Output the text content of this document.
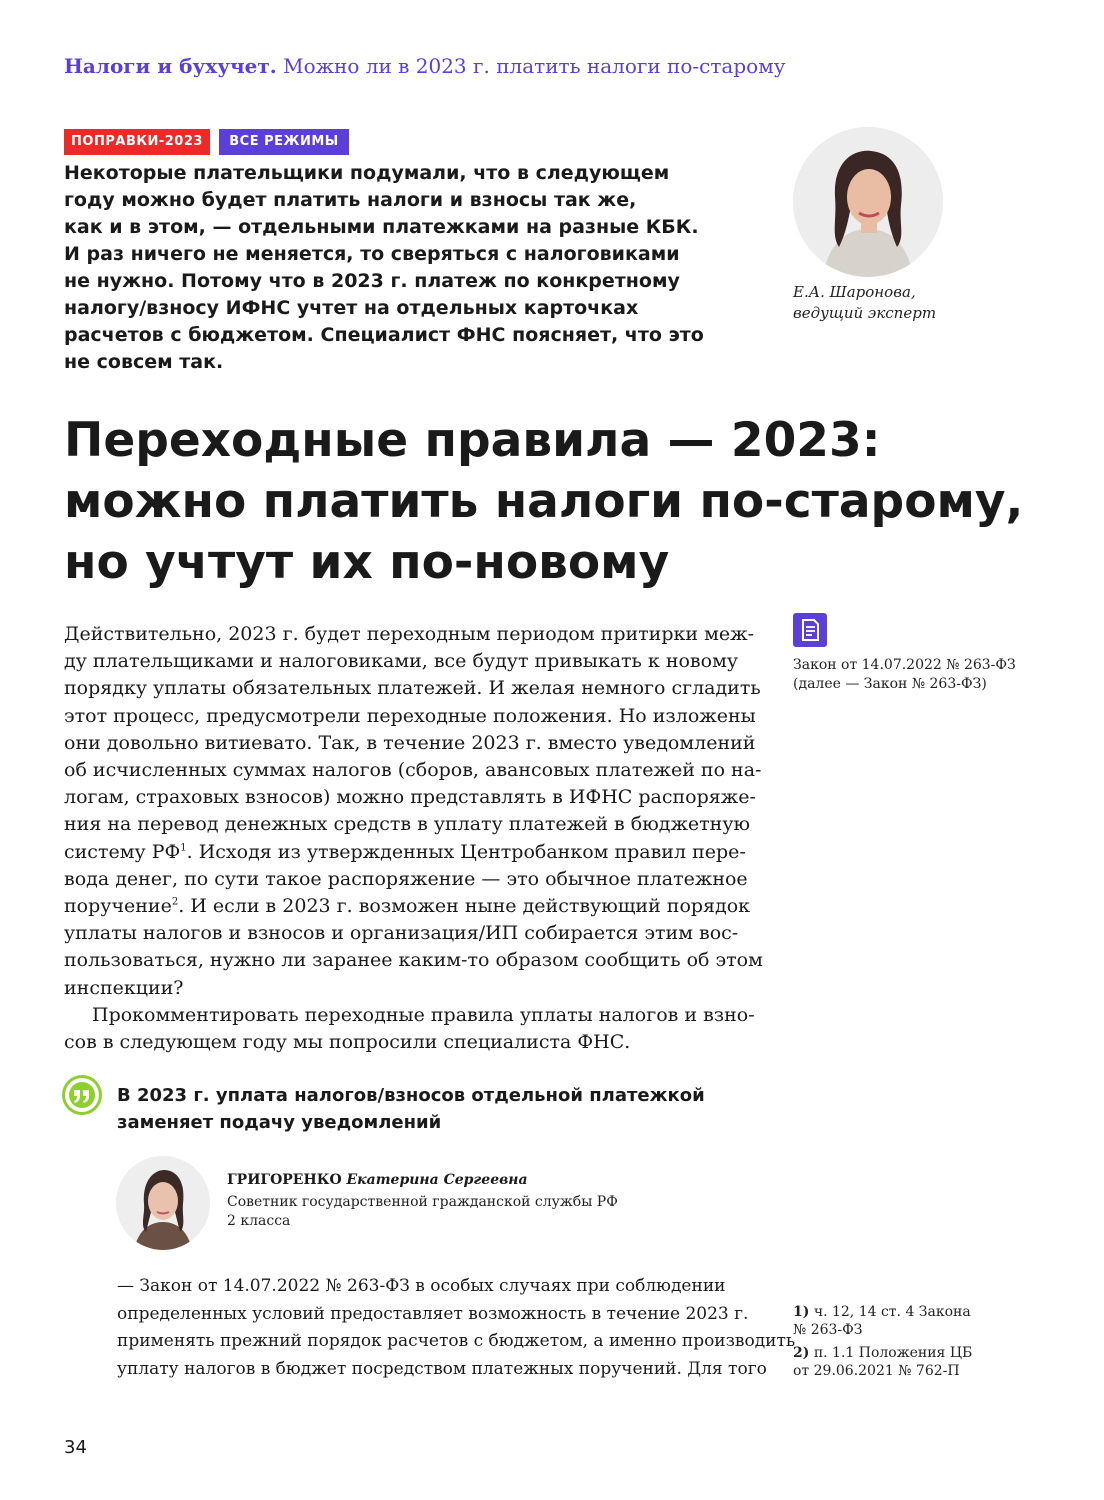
Налоги и бухучет. Можно ли в 2023 г. платить налоги по-старому
ПОПРАВКИ-2023	ВСЕ РЕЖИМЫ
Некоторые плательщики подумали, что в следующем
году можно будет платить налоги и взносы так же,
как и в этом, — отдельными платежками на разные КБК.
И раз ничего не меняется, то сверяться с налоговиками
не нужно. Потому что в 2023 г. платеж по конкретному
налогу/взносу ИФНС учтет на отдельных карточках
расчетов с бюджетом. Специалист ФНС поясняет, что это
не совсем так.
Е.А. Шаронова,
ведущий эксперт
Переходные правила — 2023:
можно платить налоги по-старому,
но учтут их по-новому
Действительно, 2023 г. будет переходным периодом притирки меж-
ду плательщиками и налоговиками, все будут привыкать к новому
порядку уплаты обязательных платежей. И желая немного сгладить
этот процесс, предусмотрели переходные положения. Но изложены
они довольно витиевато. Так, в течение 2023 г. вместо уведомлений
об исчисленных суммах налогов (сборов, авансовых платежей по на-
логам, страховых взносов) можно представлять в ИФНС распоряже-
ния на перевод денежных средств в уплату платежей в бюджетную
систему $РФ^1$. Исходя из утвержденных Центробанком правил пере-
вода денег, по сути такое распоряжение — это обычное платежное
поручение$^2$. И если в 2023 г. возможен ныне действующий порядок
уплаты налогов и взносов и организация/ИП собирается этим вос-
пользоваться, нужно ли заранее каким-то образом сообщить об этом
инспекции?
Прокомментировать переходные правила уплаты налогов и взно-
сов в следующем году мы попросили специалиста ФНС.
Закон от 14.07.2022 № 263-ФЗ
(далее — Закон № 263-ФЗ)
В 2023 г. уплата налогов/взносов отдельной платежкой
заменяет подачу уведомлений
ГРИГОРЕНКО Екатерина Сергеевна
Советник государственной гражданской службы РФ
2 класса
— Закон от 14.07.2022 № 263-ФЗ в особых случаях при соблюдении
определенных условий предоставляет возможность в течение 2023 г.
применять прежний порядок расчетов с бюджетом, а именно производить
уплату налогов в бюджет посредством платежных поручений. Для того
1) ч. 12, 14 ст. 4 Закона
№ 263-ФЗ
2) п. 1.1 Положения ЦБ
от 29.06.2021 № 762-П
34
